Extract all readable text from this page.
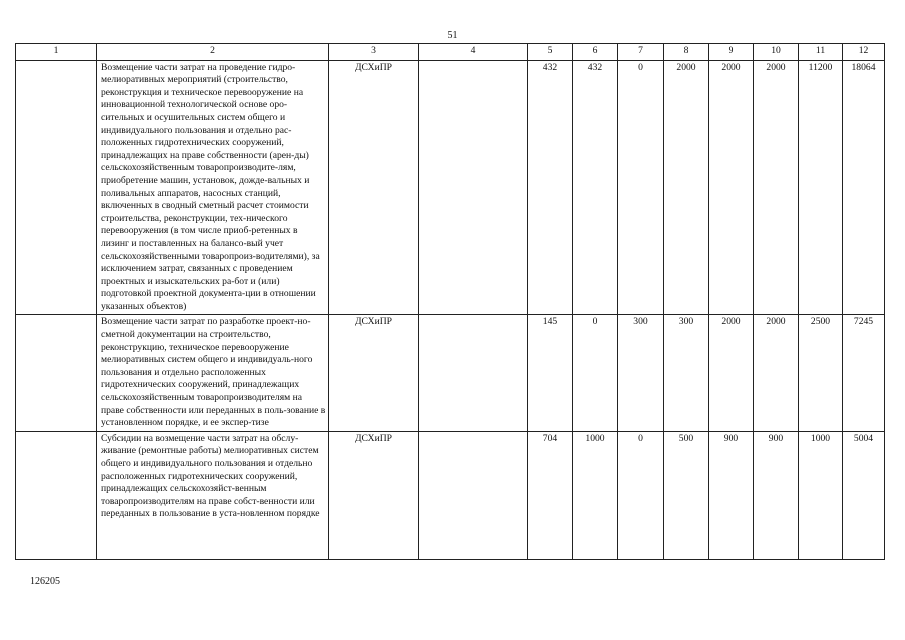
51
1	2	3	4	5	6	7	8	9	10	11	12
	Возмещение части затрат на проведение гидро-мелиоративных мероприятий (строительство, реконструкция и техническое перевооружение на инновационной технологической основе оро-сительных и осушительных систем общего и индивидуального пользования и отдельно рас-положенных гидротехнических сооружений, принадлежащих на праве собственности (арен-ды) сельскохозяйственным товаропроизводите-лям, приобретение машин, установок, дожде-вальных и поливальных аппаратов, насосных станций, включенных в сводный сметный расчет стоимости строительства, реконструкции, тех-нического перевооружения (в том числе приоб-ретенных в лизинг и поставленных на балансо-вый учет сельскохозяйственными товаропроиз-водителями), за исключением затрат, связанных с проведением проектных и изыскательских ра-бот и (или) подготовкой проектной документа-ции в отношении указанных объектов)	ДСХиПР		432	432	0	2000	2000	2000	11200	18064
	Возмещение части затрат по разработке проект-но-сметной документации на строительство, реконструкцию, техническое перевооружение мелиоративных систем общего и индивидуаль-ного пользования и отдельно расположенных гидротехнических сооружений, принадлежащих сельскохозяйственным товаропроизводителям на праве собственности или переданных в поль-зование в установленном порядке, и ее экспер-тизе	ДСХиПР		145	0	300	300	2000	2000	2500	7245
	Субсидии на возмещение части затрат на обслу-живание (ремонтные работы) мелиоративных систем общего и индивидуального пользования и отдельно расположенных гидротехнических сооружений, принадлежащих сельскохозяйст-венным товаропроизводителям на праве собст-венности или переданных в пользование в уста-новленном порядке	ДСХиПР		704	1000	0	500	900	900	1000	5004
126205
